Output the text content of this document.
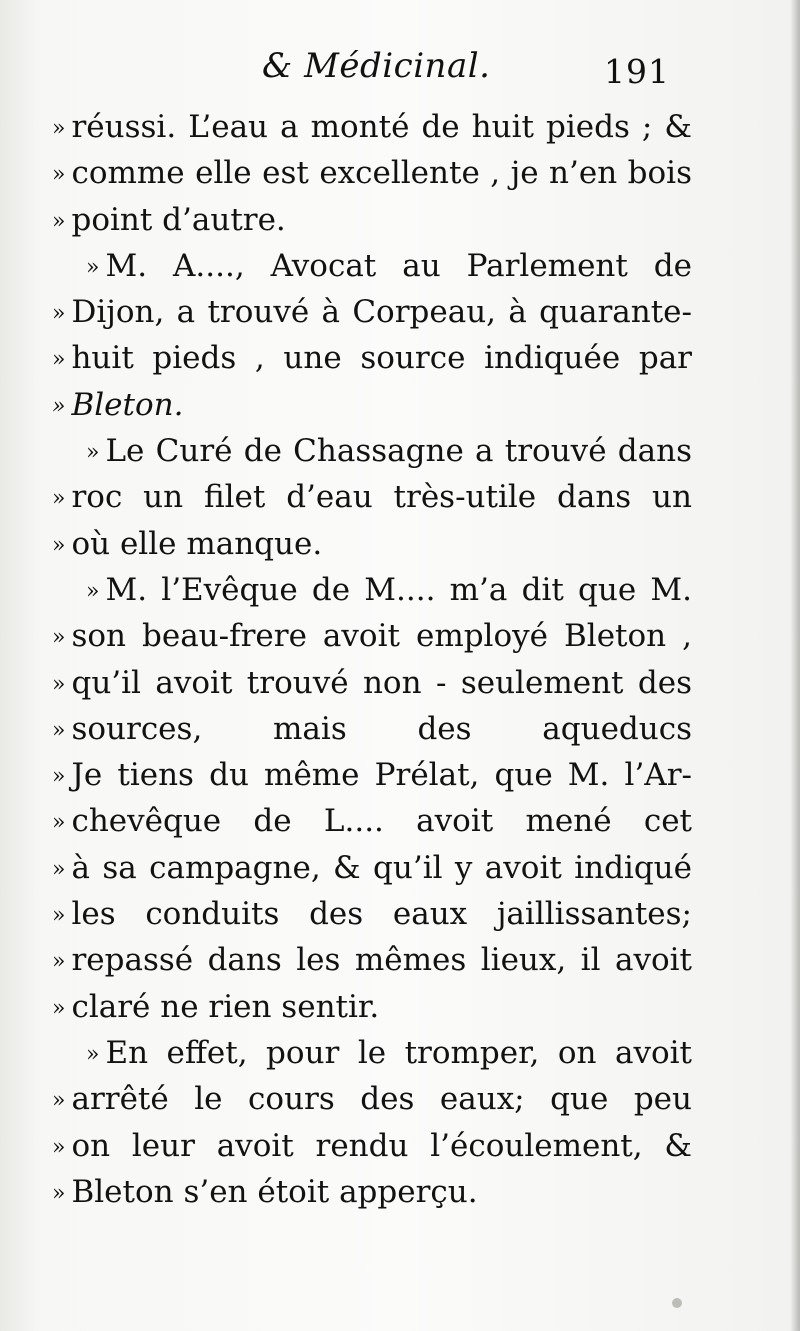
& Médicinal.	191
» réussi. L’eau a monté de huit pieds ; &
» comme elle est excellente , je n’en bois
» point d’autre.
» M. A...., Avocat au Parlement de
» Dijon, a trouvé à Corpeau, à quarante-
» huit pieds , une source indiquée par
» Bleton.
» Le Curé de Chassagne a trouvé dans
» roc un filet d’eau très-utile dans un
» où elle manque.
» M. l’Evêque de M.... m’a dit que M.
» son beau-frere avoit employé Bleton ,
» qu’il avoit trouvé non - seulement des
» sources, mais des aqueducs
» Je tiens du même Prélat, que M. l’Ar-
» chevêque de L.... avoit mené cet
» à sa campagne, & qu’il y avoit indiqué
» les conduits des eaux jaillissantes;
» repassé dans les mêmes lieux, il avoit
» claré ne rien sentir.
» En effet, pour le tromper, on avoit
» arrêté le cours des eaux; que peu
» on leur avoit rendu l’écoulement, &
» Bleton s’en étoit apperçu.
